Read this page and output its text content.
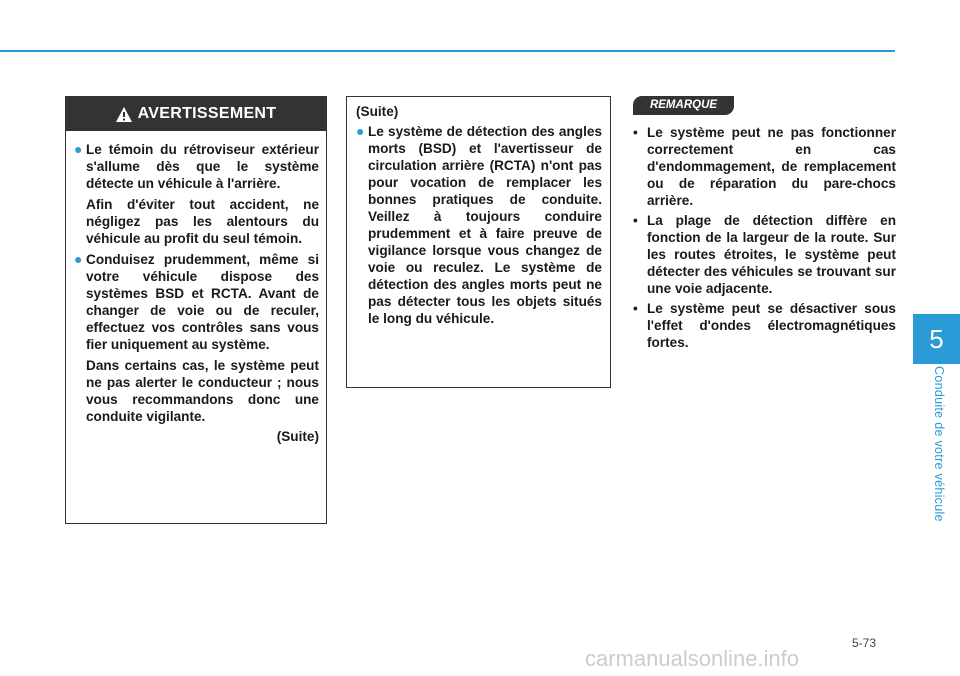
5
Conduite de votre véhicule
AVERTISSEMENT
● Le témoin du rétroviseur extérieur s'allume dès que le système détecte un véhicule à l'arrière.
Afin d'éviter tout accident, ne négligez pas les alentours du véhicule au profit du seul témoin.
● Conduisez prudemment, même si votre véhicule dispose des systèmes BSD et RCTA. Avant de changer de voie ou de reculer, effectuez vos contrôles sans vous fier uniquement au système.
Dans certains cas, le système peut ne pas alerter le conducteur ; nous vous recommandons donc une conduite vigilante.
(Suite)
(Suite)
● Le système de détection des angles morts (BSD) et l'avertisseur de circulation arrière (RCTA) n'ont pas pour vocation de remplacer les bonnes pratiques de conduite. Veillez à toujours conduire prudemment et à faire preuve de vigilance lorsque vous changez de voie ou reculez. Le système de détection des angles morts peut ne pas détecter tous les objets situés le long du véhicule.
REMARQUE
• Le système peut ne pas fonctionner correctement en cas d'endommagement, de remplacement ou de réparation du pare-chocs arrière.
• La plage de détection diffère en fonction de la largeur de la route. Sur les routes étroites, le système peut détecter des véhicules se trouvant sur une voie adjacente.
• Le système peut se désactiver sous l'effet d'ondes électromagnétiques fortes.
5-73
carmanualsonline.info
